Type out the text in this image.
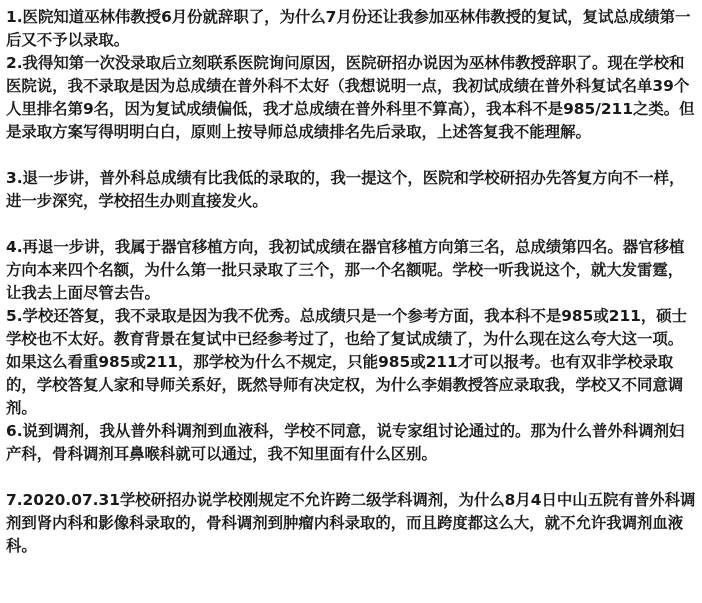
1.医院知道巫林伟教授6月份就辞职了，为什么7月份还让我参加巫林伟教授的复试，复试总成绩第一后又不予以录取。

2.我得知第一次没录取后立刻联系医院询问原因，医院研招办说因为巫林伟教授辞职了。现在学校和医院说，我不录取是因为总成绩在普外科不太好（我想说明一点，我初试成绩在普外科复试名单39个人里排名第9名，因为复试成绩偏低，我才总成绩在普外科里不算高），我本科不是985/211之类。但是录取方案写得明明白白，原则上按导师总成绩排名先后录取，上述答复我不能理解。

3.退一步讲，普外科总成绩有比我低的录取的，我一提这个，医院和学校研招办先答复方向不一样，进一步深究，学校招生办则直接发火。

4.再退一步讲，我属于器官移植方向，我初试成绩在器官移植方向第三名，总成绩第四名。器官移植方向本来四个名额，为什么第一批只录取了三个，那一个名额呢。学校一听我说这个，就大发雷霆，让我去上面尽管去告。

5.学校还答复，我不录取是因为我不优秀。总成绩只是一个参考方面，我本科不是985或211，硕士学校也不太好。教育背景在复试中已经参考过了，也给了复试成绩了，为什么现在这么夸大这一项。如果这么看重985或211，那学校为什么不规定，只能985或211才可以报考。也有双非学校录取的，学校答复人家和导师关系好，既然导师有决定权，为什么李娟教授答应录取我，学校又不同意调剂。

6.说到调剂，我从普外科调剂到血液科，学校不同意，说专家组讨论通过的。那为什么普外科调剂妇产科，骨科调剂耳鼻喉科就可以通过，我不知里面有什么区别。

7.2020.07.31学校研招办说学校刚规定不允许跨二级学科调剂，为什么8月4日中山五院有普外科调剂到肾内科和影像科录取的，骨科调剂到肿瘤内科录取的，而且跨度都这么大，就不允许我调剂血液科。
